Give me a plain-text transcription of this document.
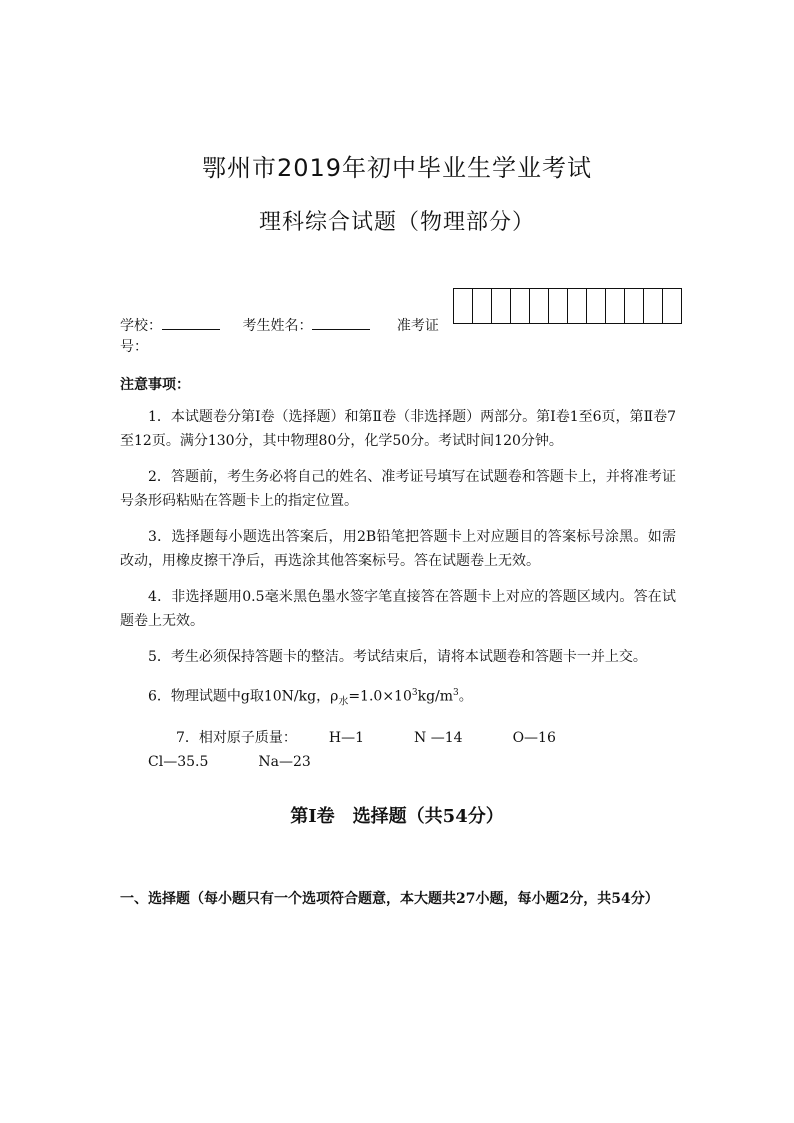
鄂州市2019年初中毕业生学业考试
理科综合试题（物理部分）
学校：	考生姓名：	准考证
号：
注意事项：

1．本试题卷分第Ⅰ卷（选择题）和第Ⅱ卷（非选择题）两部分。第Ⅰ卷1至6页，第Ⅱ卷7至12页。满分130分，其中物理80分，化学50分。考试时间120分钟。

2．答题前，考生务必将自己的姓名、准考证号填写在试题卷和答题卡上，并将准考证号条形码粘贴在答题卡上的指定位置。

3．选择题每小题选出答案后，用2B铅笔把答题卡上对应题目的答案标号涂黑。如需改动，用橡皮擦干净后，再选涂其他答案标号。答在试题卷上无效。

4．非选择题用0.5毫米黑色墨水签字笔直接答在答题卡上对应的答题区域内。答在试题卷上无效。

5．考生必须保持答题卡的整洁。考试结束后，请将本试题卷和答题卡一并上交。

6．物理试题中g取10N/kg，$\rho_水=1.0\times 10^3kg/m^3$。

7．相对原子质量： H—1	N —14	O—16Cl—35.5	Na—23

第Ⅰ卷　选择题（共54分）
一、选择题（每小题只有一个选项符合题意，本大题共27小题，每小题2分，共54分）
